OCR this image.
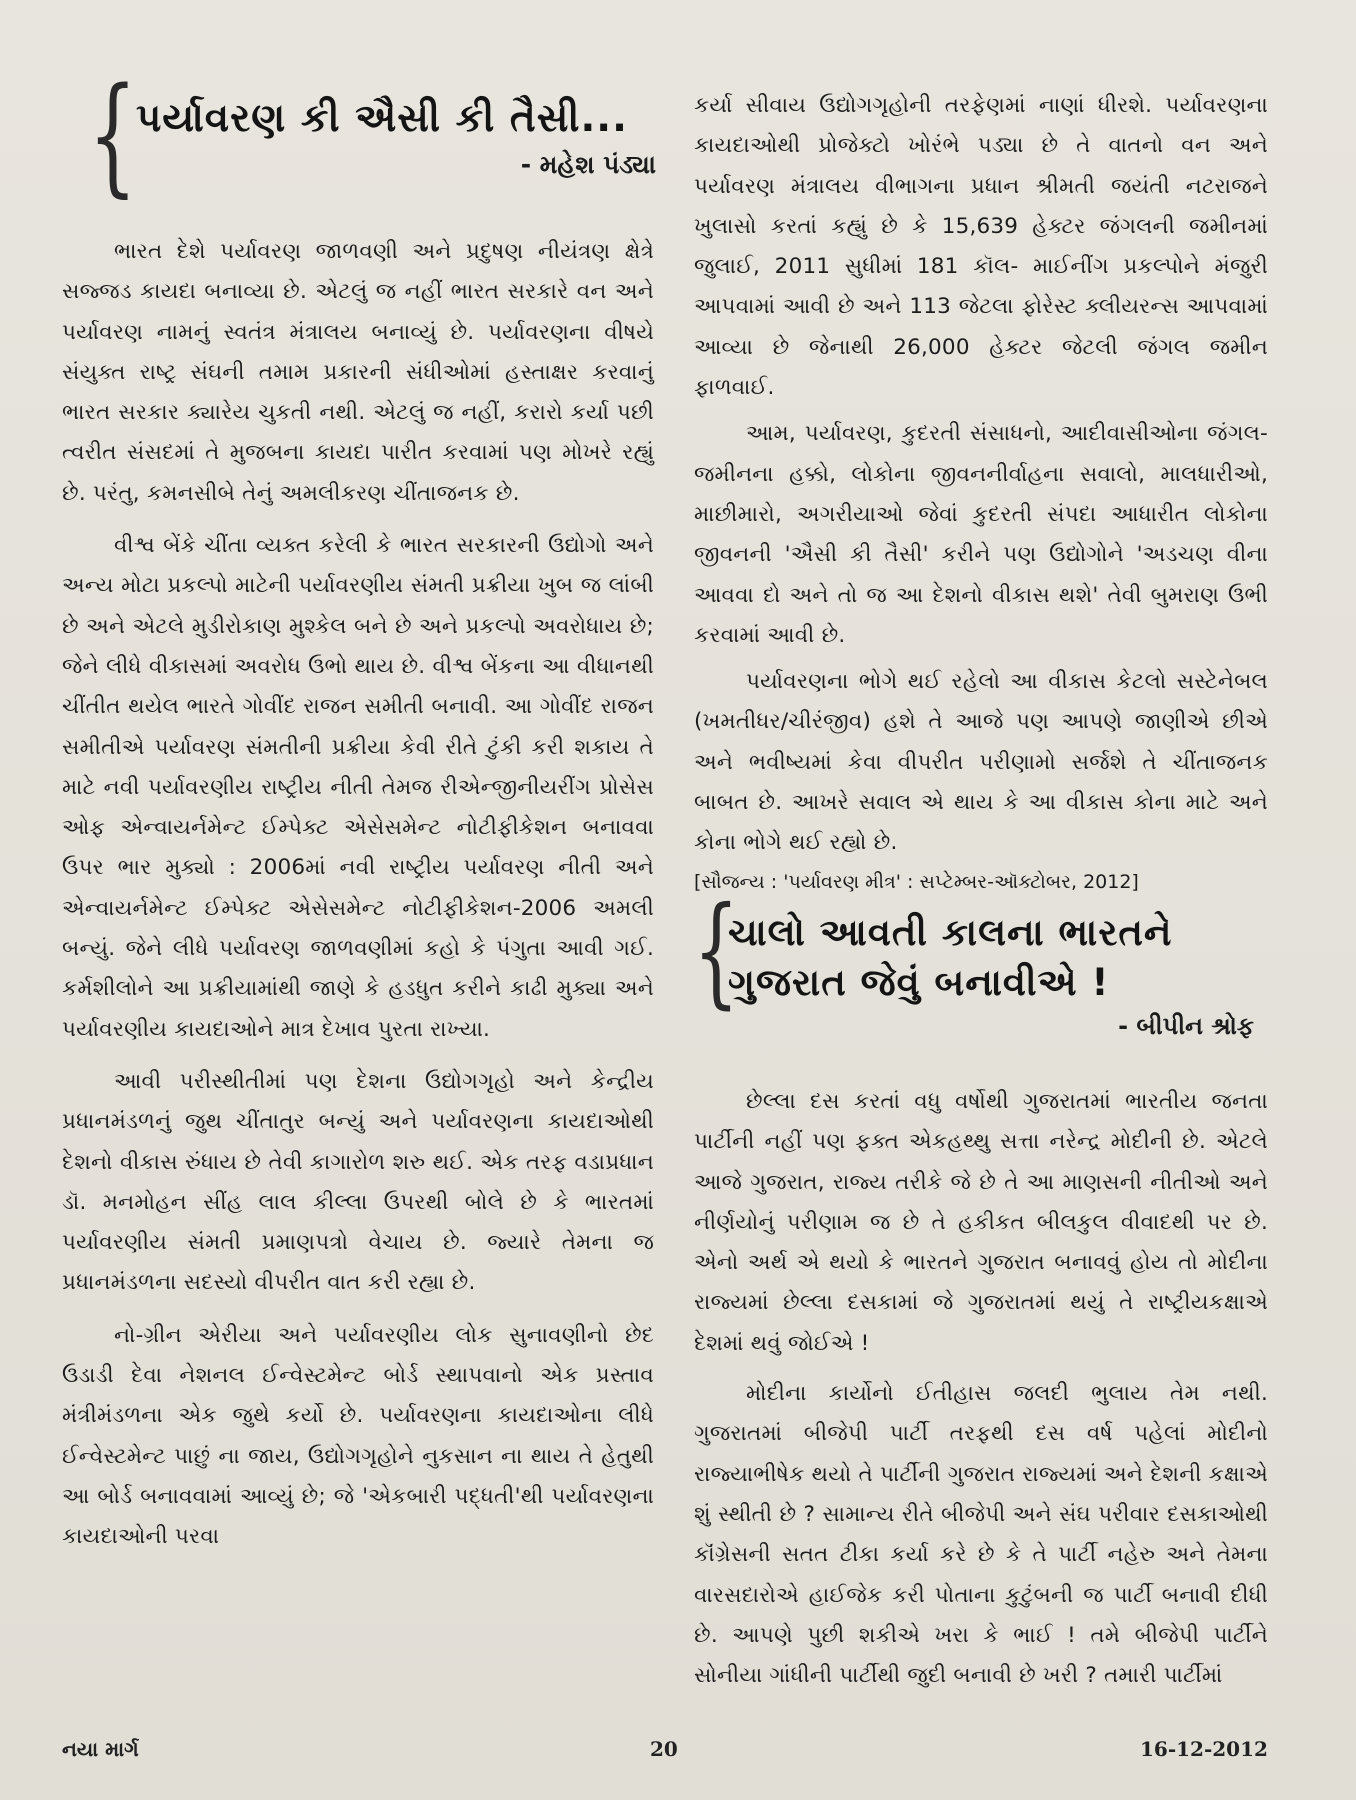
{
પર્યાવરણ કી ઐસી કી તૈસી...

- મહેશ પંડ્યા

ભારત દેશે પર્યાવરણ જાળવણી અને પ્રદુષણ નીયંત્રણ ક્ષેત્રે સજ્જડ કાયદા બનાવ્યા છે. એટલું જ નહીં ભારત સરકારે વન અને પર્યાવરણ નામનું સ્વતંત્ર મંત્રાલય બનાવ્યું છે. પર્યાવરણના વીષયે સંયુક્ત રાષ્ટ્ર સંઘની તમામ પ્રકારની સંધીઓમાં હસ્તાક્ષર કરવાનું ભારત સરકાર ક્યારેય ચુકતી નથી. એટલું જ નહીં, કરારો કર્યા પછી ત્વરીત સંસદમાં તે મુજબના કાયદા પારીત કરવામાં પણ મોખરે રહ્યું છે. પરંતુ, કમનસીબે તેનું અમલીકરણ ચીંતાજનક છે.

વીશ્વ બેંકે ચીંતા વ્યક્ત કરેલી કે ભારત સરકારની ઉદ્યોગો અને અન્ય મોટા પ્રકલ્પો માટેની પર્યાવરણીય સંમતી પ્રક્રીયા ખુબ જ લાંબી છે અને એટલે મુડીરોકાણ મુશ્કેલ બને છે અને પ્રકલ્પો અવરોધાય છે; જેને લીધે વીકાસમાં અવરોધ ઉભો થાય છે. વીશ્વ બેંકના આ વીધાનથી ચીંતીત થયેલ ભારતે ગોવીંદ રાજન સમીતી બનાવી. આ ગોવીંદ રાજન સમીતીએ પર્યાવરણ સંમતીની પ્રક્રીયા કેવી રીતે ટુંકી કરી શકાય તે માટે નવી પર્યાવરણીય રાષ્ટ્રીય નીતી તેમજ રીએન્જીનીયરીંગ પ્રોસેસ ઓફ એન્વાયર્નમેન્ટ ઈમ્પેક્ટ એસેસમેન્ટ નોટીફીકેશન બનાવવા ઉપર ભાર મુક્યો : 2006માં નવી રાષ્ટ્રીય પર્યાવરણ નીતી અને એન્વાયર્નમેન્ટ ઈમ્પેક્ટ એસેસમેન્ટ નોટીફીકેશન-2006 અમલી બન્યું. જેને લીધે પર્યાવરણ જાળવણીમાં કહો કે પંગુતા આવી ગઈ. કર્મશીલોને આ પ્રક્રીયામાંથી જાણે કે હડધુત કરીને કાઢી મુક્યા અને પર્યાવરણીય કાયદાઓને માત્ર દેખાવ પુરતા રાખ્યા.

આવી પરીસ્થીતીમાં પણ દેશના ઉદ્યોગગૃહો અને કેન્દ્રીય પ્રધાનમંડળનું જુથ ચીંતાતુર બન્યું અને પર્યાવરણના કાયદાઓથી દેશનો વીકાસ રુંધાય છે તેવી કાગારોળ શરુ થઈ. એક તરફ વડાપ્રધાન ડૉ. મનમોહન સીંહ લાલ કીલ્લા ઉપરથી બોલે છે કે ભારતમાં પર્યાવરણીય સંમતી પ્રમાણપત્રો વેચાય છે. જ્યારે તેમના જ પ્રધાનમંડળના સદસ્યો વીપરીત વાત કરી રહ્યા છે.

નો-ગ્રીન એરીયા અને પર્યાવરણીય લોક સુનાવણીનો છેદ ઉડાડી દેવા નેશનલ ઈન્વેસ્ટમેન્ટ બોર્ડ સ્થાપવાનો એક પ્રસ્તાવ મંત્રીમંડળના એક જુથે કર્યો છે. પર્યાવરણના કાયદાઓના લીધે ઈન્વેસ્ટમેન્ટ પાછું ના જાય, ઉદ્યોગગૃહોને નુકસાન ના થાય તે હેતુથી આ બોર્ડ બનાવવામાં આવ્યું છે; જે 'એકબારી પદ્ધતી'થી પર્યાવરણના કાયદાઓની પરવા

કર્યા સીવાય ઉદ્યોગગૃહોની તરફેણમાં નાણાં ધીરશે. પર્યાવરણના કાયદાઓથી પ્રોજેક્ટો ખોરંભે પડ્યા છે તે વાતનો વન અને પર્યાવરણ મંત્રાલય વીભાગના પ્રધાન શ્રીમતી જયંતી નટરાજને ખુલાસો કરતાં કહ્યું છે કે 15,639 હેક્ટર જંગલની જમીનમાં જુલાઈ, 2011 સુધીમાં 181 કૉલ- માઈનીંગ પ્રકલ્પોને મંજુરી આપવામાં આવી છે અને 113 જેટલા ફોરેસ્ટ ક્લીયરન્સ આપવામાં આવ્યા છે જેનાથી 26,000 હેક્ટર જેટલી જંગલ જમીન ફાળવાઈ.

આમ, પર્યાવરણ, કુદરતી સંસાધનો, આદીવાસીઓના જંગલ-જમીનના હક્કો, લોકોના જીવનનીર્વાહના સવાલો, માલધારીઓ, માછીમારો, અગરીયાઓ જેવાં કુદરતી સંપદા આધારીત લોકોના જીવનની 'ઐસી કી તૈસી' કરીને પણ ઉદ્યોગોને 'અડચણ વીના આવવા દો અને તો જ આ દેશનો વીકાસ થશે' તેવી બુમરાણ ઉભી કરવામાં આવી છે.

પર્યાવરણના ભોગે થઈ રહેલો આ વીકાસ કેટલો સસ્ટેનેબલ (ખમતીધર/ચીરંજીવ) હશે તે આજે પણ આપણે જાણીએ છીએ અને ભવીષ્યમાં કેવા વીપરીત પરીણામો સર્જશે તે ચીંતાજનક બાબત છે. આખરે સવાલ એ થાય કે આ વીકાસ કોના માટે અને કોના ભોગે થઈ રહ્યો છે.

[સૌજન્ય : 'પર્યાવરણ મીત્ર' : સપ્ટેમ્બર-ઑક્ટોબર, 2012]

{
ચાલો આવતી કાલના ભારતને
ગુજરાત જેવું બનાવીએ !

- બીપીન શ્રોફ

છેલ્લા દસ કરતાં વધુ વર્ષોથી ગુજરાતમાં ભારતીય જનતા પાર્ટીની નહીં પણ ફક્ત એકહથ્થુ સત્તા નરેન્દ્ર મોદીની છે. એટલે આજે ગુજરાત, રાજ્ય તરીકે જે છે તે આ માણસની નીતીઓ અને નીર્ણયોનું પરીણામ જ છે તે હકીકત બીલકુલ વીવાદથી પર છે. એનો અર્થ એ થયો કે ભારતને ગુજરાત બનાવવું હોય તો મોદીના રાજ્યમાં છેલ્લા દસકામાં જે ગુજરાતમાં થયું તે રાષ્ટ્રીયકક્ષાએ દેશમાં થવું જોઈએ !

મોદીના કાર્યોનો ઈતીહાસ જલદી ભુલાય તેમ નથી. ગુજરાતમાં બીજેપી પાર્ટી તરફથી દસ વર્ષ પહેલાં મોદીનો રાજ્યાભીષેક થયો તે પાર્ટીની ગુજરાત રાજ્યમાં અને દેશની કક્ષાએ શું સ્થીતી છે ? સામાન્ય રીતે બીજેપી અને સંઘ પરીવાર દસકાઓથી કૉંગ્રેસની સતત ટીકા કર્યા કરે છે કે તે પાર્ટી નહેરુ અને તેમના વારસદારોએ હાઈજેક કરી પોતાના કુટુંબની જ પાર્ટી બનાવી દીધી છે. આપણે પુછી શકીએ ખરા કે ભાઈ ! તમે બીજેપી પાર્ટીને સોનીયા ગાંધીની પાર્ટીથી જુદી બનાવી છે ખરી ? તમારી પાર્ટીમાં

નયા માર્ગ	20	16-12-2012
